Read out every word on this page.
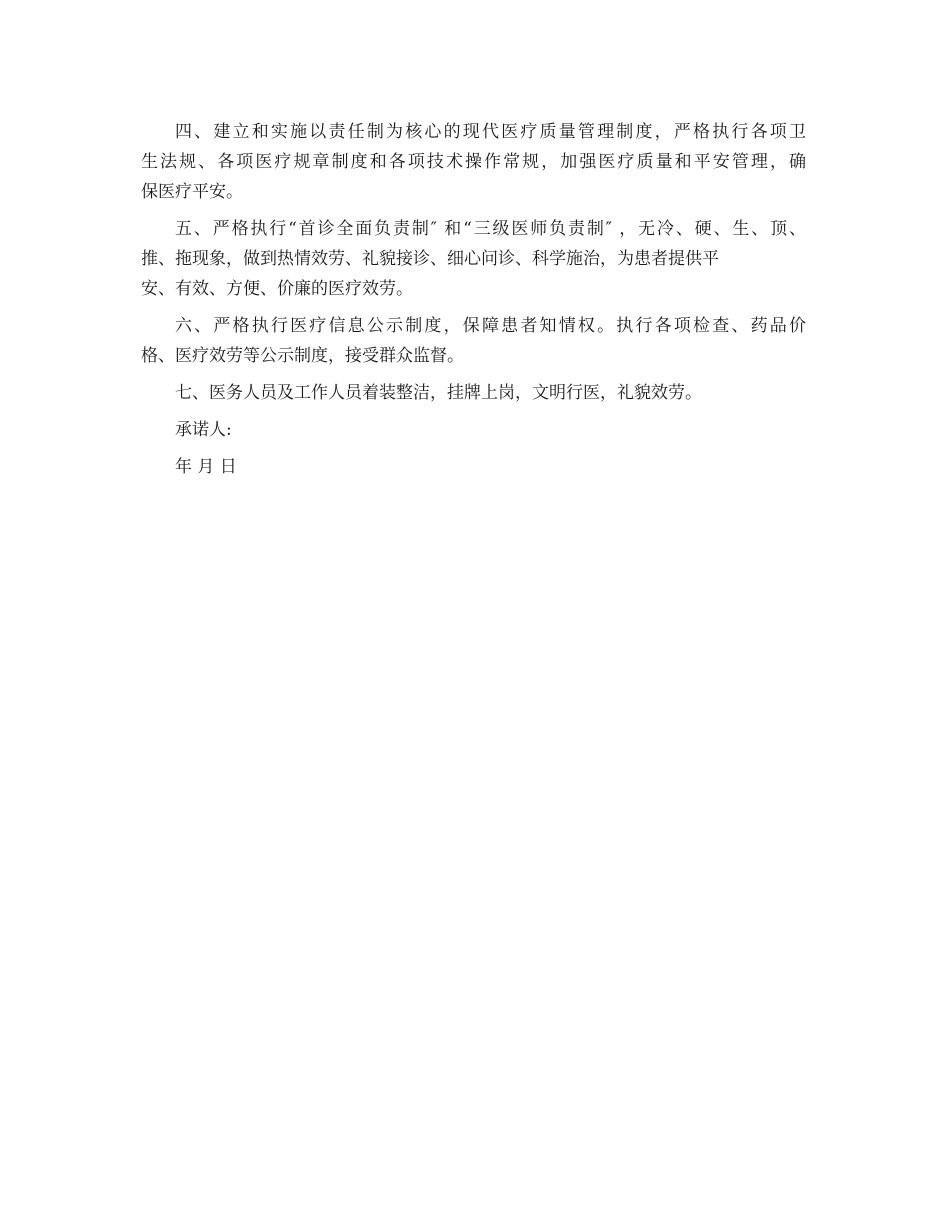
四、建立和实施以责任制为核心的现代医疗质量管理制度，严格执行各项卫
生法规、各项医疗规章制度和各项技术操作常规，加强医疗质量和平安管理，确
保医疗平安。
五、严格执行“首诊全面负责制″ 和“三级医师负责制″ ，无冷、硬、生、顶、
推、拖现象，做到热情效劳、礼貌接诊、细心问诊、科学施治，为患者提供平
安、有效、方便、价廉的医疗效劳。
六、严格执行医疗信息公示制度，保障患者知情权。执行各项检查、药品价
格、医疗效劳等公示制度，接受群众监督。
七、医务人员及工作人员着装整洁，挂牌上岗，文明行医，礼貌效劳。
承诺人:
年 月 日
